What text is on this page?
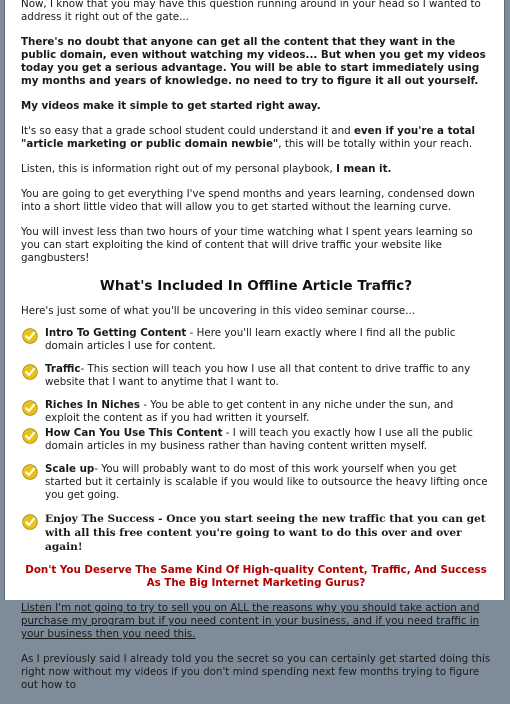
Now, I know that you may have this question running around in your head so I wanted to address it right out of the gate...

There's no doubt that anyone can get all the content that they want in the public domain, even without watching my videos... But when you get my videos today you get a serious advantage. You will be able to start immediately using my months and years of knowledge. no need to try to figure it all out yourself.

My videos make it simple to get started right away.

It's so easy that a grade school student could understand it and even if you're a total "article marketing or public domain newbie", this will be totally within your reach.

Listen, this is information right out of my personal playbook, I mean it.

You are going to get everything I've spend months and years learning, condensed down into a short little video that will allow you to get started without the learning curve.

You will invest less than two hours of your time watching what I spent years learning so you can start exploiting the kind of content that will drive traffic your website like gangbusters!

What's Included In Offline Article Traffic?

Here's just some of what you'll be uncovering in this video seminar course...

Intro To Getting Content - Here you'll learn exactly where I find all the public domain articles I use for content.
Traffic- This section will teach you how I use all that content to drive traffic to any website that I want to anytime that I want to.
Riches In Niches - You be able to get content in any niche under the sun, and exploit the content as if you had written it yourself.
How Can You Use This Content - I will teach you exactly how I use all the public domain articles in my business rather than having content written myself.
Scale up- You will probably want to do most of this work yourself when you get started but it certainly is scalable if you would like to outsource the heavy lifting once you get going.
Enjoy The Success - Once you start seeing the new traffic that you can get with all this free content you're going to want to do this over and over again!

Don't You Deserve The Same Kind Of High-quality Content, Traffic, And Success As The Big Internet Marketing Gurus?

Listen I'm not going to try to sell you on ALL the reasons why you should take action and purchase my program but if you need content in your business, and if you need traffic in your business then you need this.

As I previously said I already told you the secret so you can certainly get started doing this right now without my videos if you don't mind spending next few months trying to figure out how to
